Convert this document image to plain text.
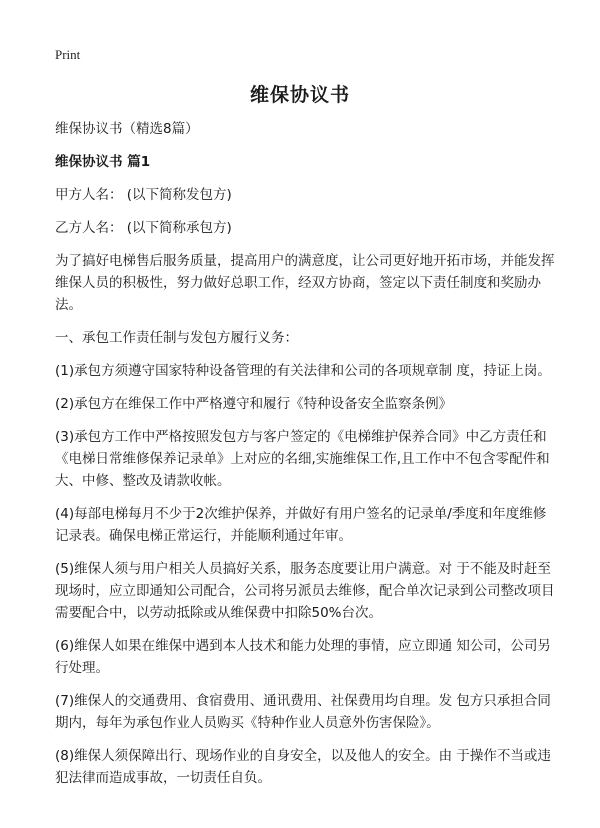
Print
维保协议书

维保协议书（精选8篇）

维保协议书 篇1

甲方人名： (以下简称发包方)

乙方人名： (以下简称承包方)

为了搞好电梯售后服务质量，提高用户的满意度，让公司更好地开拓市场，并能发挥维保人员的积极性，努力做好总职工作，经双方协商，签定以下责任制度和奖励办法。

一、承包工作责任制与发包方履行义务：

(1)承包方须遵守国家特种设备管理的有关法律和公司的各项规章制 度，持证上岗。

(2)承包方在维保工作中严格遵守和履行《特种设备安全监察条例》

(3)承包方工作中严格按照发包方与客户签定的《电梯维护保养合同》中乙方责任和《电梯日常维修保养记录单》上对应的名细,实施维保工作,且工作中不包含零配件和大、中修、整改及请款收帐。

(4)每部电梯每月不少于2次维护保养，并做好有用户签名的记录单/季度和年度维修记录表。确保电梯正常运行，并能顺利通过年审。

(5)维保人须与用户相关人员搞好关系，服务态度要让用户满意。对 于不能及时赶至现场时，应立即通知公司配合，公司将另派员去维修，配合单次记录到公司整改项目需要配合中，以劳动抵除或从维保费中扣除50%台次。

(6)维保人如果在维保中遇到本人技术和能力处理的事情，应立即通 知公司，公司另行处理。

(7)维保人的交通费用、食宿费用、通讯费用、社保费用均自理。发 包方只承担合同期内，每年为承包作业人员购买《特种作业人员意外伤害保险》。

(8)维保人须保障出行、现场作业的自身安全，以及他人的安全。由 于操作不当或违犯法律而造成事故，一切责任自负。
